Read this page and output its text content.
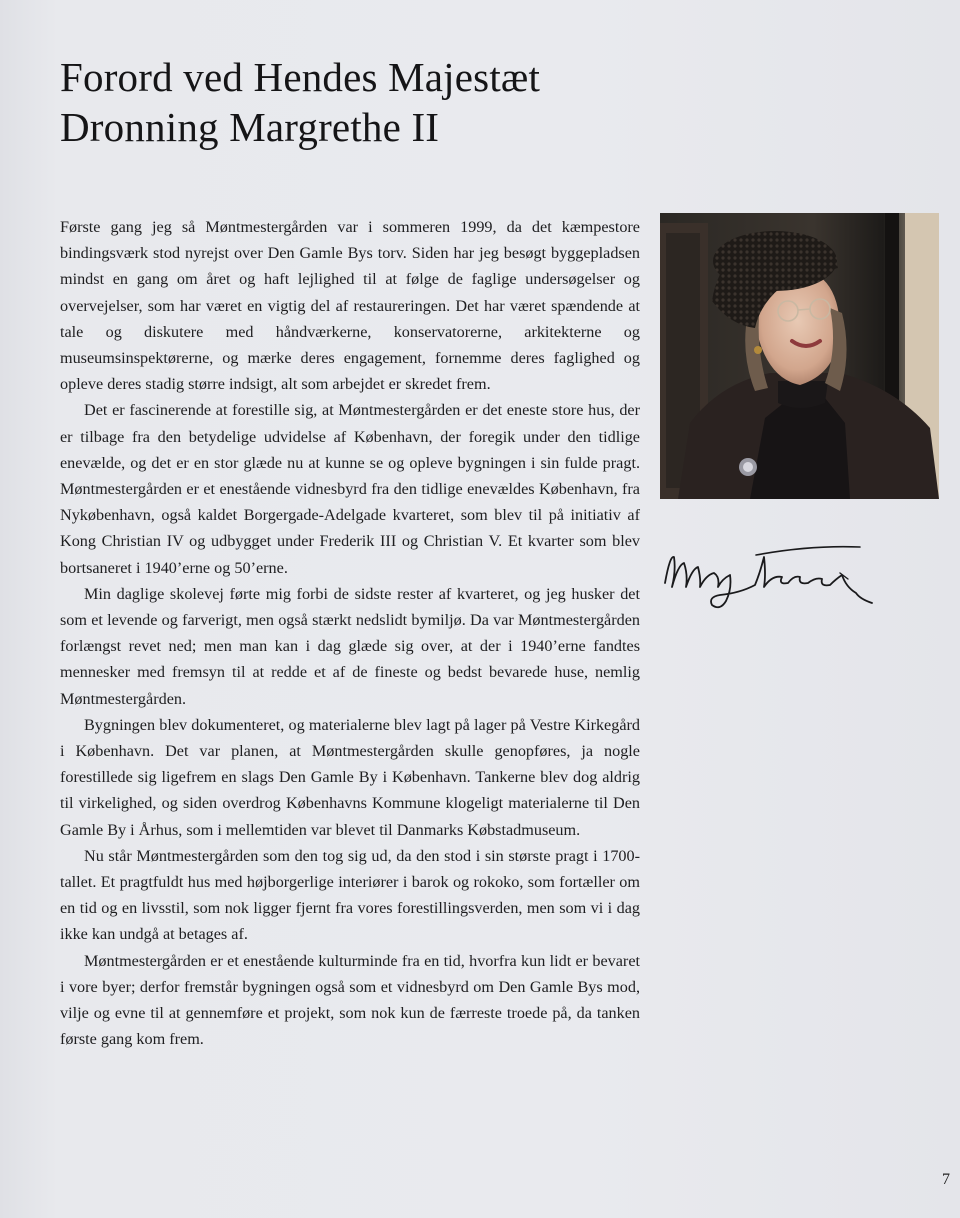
Forord ved Hendes Majestæt
Dronning Margrethe II

Første gang jeg så Møntmestergården var i sommeren 1999, da det kæmpestore bindingsværk stod nyrejst over Den Gamle Bys torv. Siden har jeg besøgt byggepladsen mindst en gang om året og haft lejlighed til at følge de faglige undersøgelser og overvejelser, som har været en vigtig del af restaureringen. Det har været spændende at tale og diskutere med håndværkerne, konservatorerne, arkitekterne og museumsinspektørerne, og mærke deres engagement, fornemme deres faglighed og opleve deres stadig større indsigt, alt som arbejdet er skredet frem.

Det er fascinerende at forestille sig, at Møntmestergården er det eneste store hus, der er tilbage fra den betydelige udvidelse af København, der foregik under den tidlige enevælde, og det er en stor glæde nu at kunne se og opleve bygningen i sin fulde pragt. Møntmestergården er et enestående vidnesbyrd fra den tidlige enevældes København, fra Nykøbenhavn, også kaldet Borgergade-Adelgade kvarteret, som blev til på initiativ af Kong Christian IV og udbygget under Frederik III og Christian V. Et kvarter som blev bortsaneret i 1940’erne og 50’erne.

Min daglige skolevej førte mig forbi de sidste rester af kvarteret, og jeg husker det som et levende og farverigt, men også stærkt nedslidt bymiljø. Da var Møntmestergården forlængst revet ned; men man kan i dag glæde sig over, at der i 1940’erne fandtes mennesker med fremsyn til at redde et af de fineste og bedst bevarede huse, nemlig Møntmestergården.

Bygningen blev dokumenteret, og materialerne blev lagt på lager på Vestre Kirkegård i København. Det var planen, at Møntmestergården skulle genopføres, ja nogle forestillede sig ligefrem en slags Den Gamle By i København. Tankerne blev dog aldrig til virkelighed, og siden overdrog Københavns Kommune klogeligt materialerne til Den Gamle By i Århus, som i mellemtiden var blevet til Danmarks Købstadmuseum.

Nu står Møntmestergården som den tog sig ud, da den stod i sin største pragt i 1700-tallet. Et pragtfuldt hus med højborgerlige interiører i barok og rokoko, som fortæller om en tid og en livsstil, som nok ligger fjernt fra vores forestillingsverden, men som vi i dag ikke kan undgå at betages af.

Møntmestergården er et enestående kulturminde fra en tid, hvorfra kun lidt er bevaret i vore byer; derfor fremstår bygningen også som et vidnesbyrd om Den Gamle Bys mod, vilje og evne til at gennemføre et projekt, som nok kun de færreste troede på, da tanken første gang kom frem.

7
